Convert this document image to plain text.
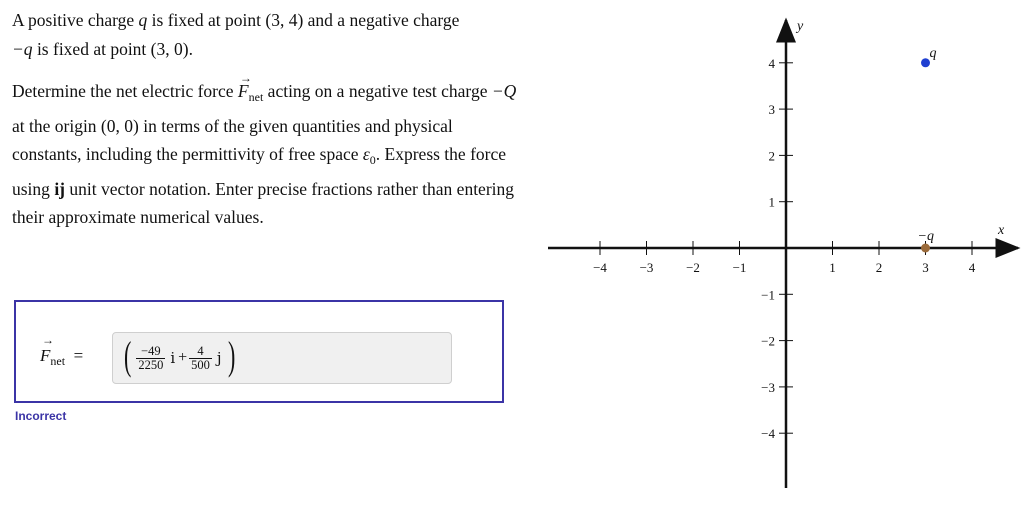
A positive charge q is fixed at point (3, 4) and a negative charge
−q is fixed at point (3, 0).

Determine the net electric force → $F_{net}$ acting on a negative test charge −Q at the origin (0, 0) in terms of the given quantities and physical constants, including the permittivity of free space $\varepsilon_0$. Express the force using ij unit vector notation. Enter precise fractions rather than entering their approximate numerical values.

→ $F_{net}$ = ( $\frac{-49}{2250}$ $i + \frac{4}{500}$ j )
Incorrect
x
y
−4	−3	−2	−1	1	2	3	4
4
3
2
1
−1
−2
−3
−4
q
−q
